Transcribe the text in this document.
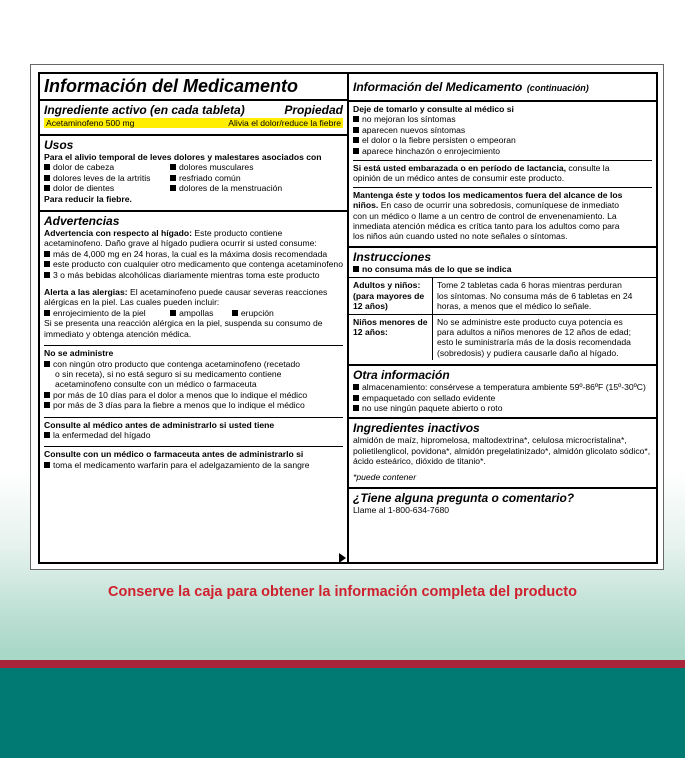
Información del Medicamento
Ingrediente activo (en cada tableta)	Propiedad
Acetaminofeno 500 mg	Alivia el dolor/reduce la fiebre
Usos
Para el alivio temporal de leves dolores y malestares asociados con
dolor de cabeza
dolores leves de la artritis
dolor de dientes
dolores musculares
resfriado común
dolores de la menstruación
Para reducir la fiebre.
Advertencias
Advertencia con respecto al hígado: Este producto contiene
acetaminofeno. Daño grave al hígado pudiera ocurrir si usted consume:
más de 4,000 mg en 24 horas, la cual es la máxima dosis recomendada
este producto con cualquier otro medicamento que contenga acetaminofeno
3 o más bebidas alcohólicas diariamente mientras toma este producto
Alerta a las alergias: El acetaminofeno puede causar severas reacciones
alérgicas en la piel. Las cuales pueden incluir:
enrojecimiento de la piel	ampollas	erupción
Si se presenta una reacción alérgica en la piel, suspenda su consumo de
immediato y obtenga atención médica.
No se administre
con ningún otro producto que contenga acetaminofeno (recetado
o sin receta), si no está seguro si su medicamento contiene
acetaminofeno consulte con un médico o farmaceuta
por más de 10 días para el dolor a menos que lo indique el médico
por más de 3 días para la fiebre a menos que lo indique el médico
Consulte al médico antes de administrarlo si usted tiene
la enfermedad del hígado
Consulte con un médico o farmaceuta antes de administrarlo si
toma el medicamento warfarin para el adelgazamiento de la sangre
Información del Medicamento (continuación)
Deje de tomarlo y consulte al médico si
no mejoran los síntomas
aparecen nuevos síntomas
el dolor o la fiebre persisten o empeoran
aparece hinchazón o enrojecimiento
Si está usted embarazada o en período de lactancia, consulte la
opinión de un médico antes de consumir este producto.
Mantenga éste y todos los medicamentos fuera del alcance de los
niños. En caso de ocurrir una sobredosis, comuníquese de inmediato
con un médico o llame a un centro de control de envenenamiento. La
inmediata atención médica es crítica tanto para los adultos como para
los niños aún cuando usted no note señales o síntomas.
Instrucciones
no consuma más de lo que se indica
Adultos y niños:
(para mayores de
12 años)
Tome 2 tabletas cada 6 horas mientras perduran
los síntomas. No consuma más de 6 tabletas en 24
horas, a menos que el médico lo señale.
Niños menores de
12 años:
No se administre este producto cuya potencia es
para adultos a niños menores de 12 años de edad;
esto le suministraría más de la dosis recomendada
(sobredosis) y pudiera causarle daño al hígado.
Otra información
almacenamiento: consérvese a temperatura ambiente 59º-86ºF (15º-30ºC)
empaquetado con sellado evidente
no use ningún paquete abierto o roto
Ingredientes inactivos
almidón de maíz, hipromelosa, maltodextrina*, celulosa microcristalina*,
polietilenglicol, povidona*, almidón pregelatinizado*, almidón glicolato sódico*,
ácido esteárico, dióxido de titanio*.
*puede contener
¿Tiene alguna pregunta o comentario?
Llame al 1-800-634-7680
Conserve la caja para obtener la información completa del producto
